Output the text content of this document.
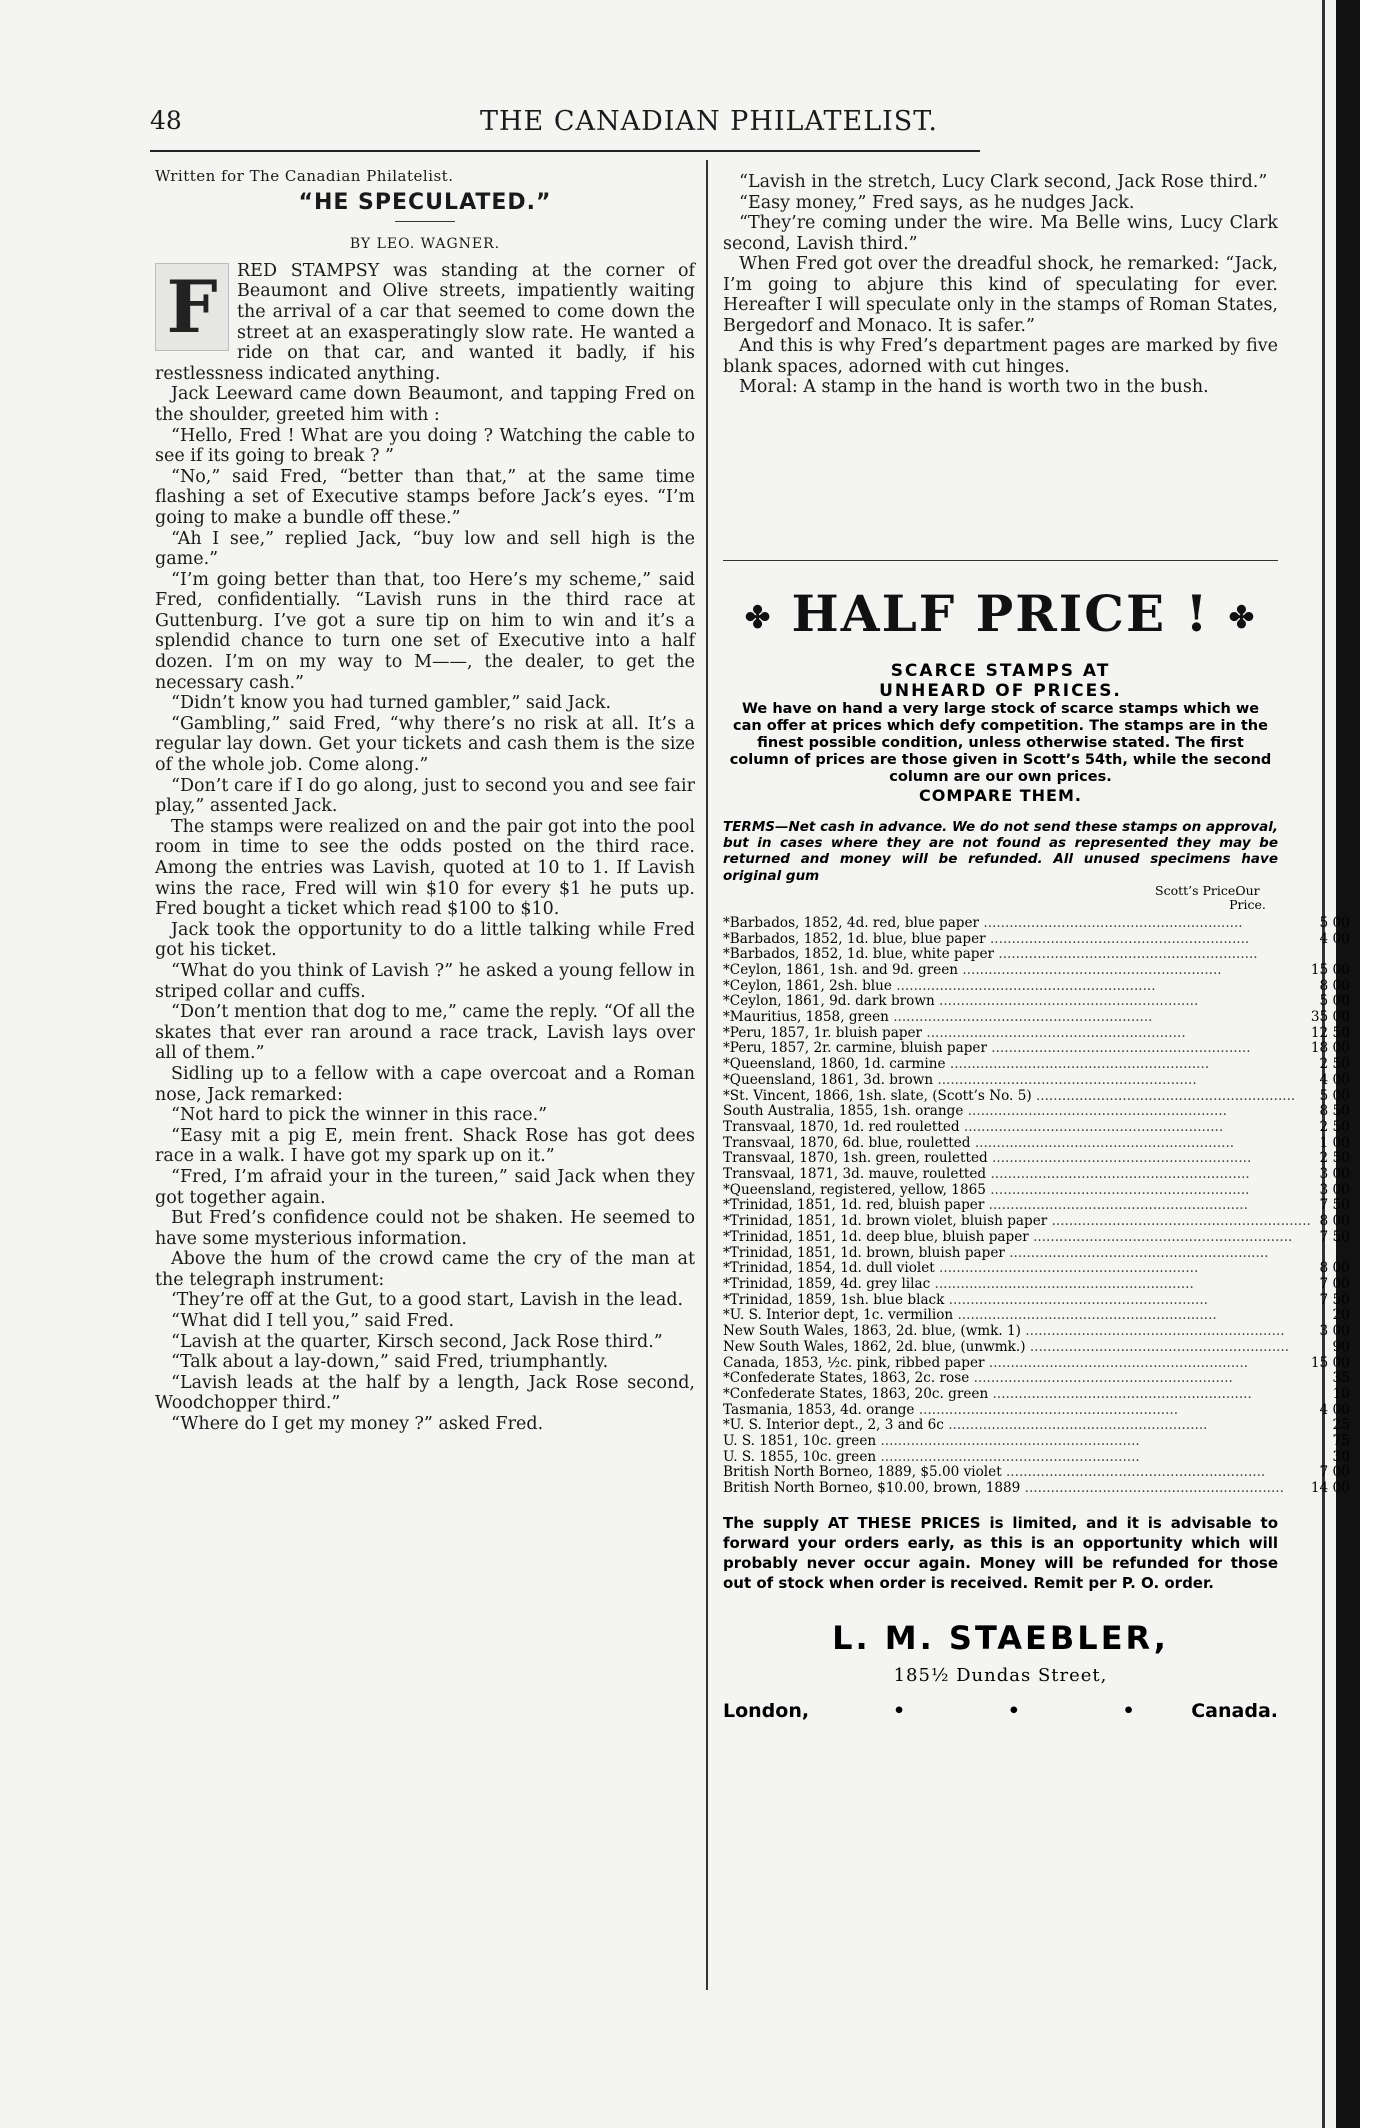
48	THE CANADIAN PHILATELIST.

Written for The Canadian Philatelist.

“HE SPECULATED.”
BY LEO. WAGNER.
F	RED STAMPSY was standing at the corner of Beaumont and Olive streets, impatiently waiting the arrival of a car that seemed to come down the street at an exasperatingly slow rate. He wanted a ride on that car, and wanted it badly, if his restlessness indicated anything.

Jack Leeward came down Beaumont, and tapping Fred on the shoulder, greeted him with :

“Hello, Fred ! What are you doing ? Watching the cable to see if its going to break ? ”

“No,” said Fred, “better than that,” at the same time flashing a set of Executive stamps before Jack’s eyes. “I’m going to make a bundle off these.”

“Ah I see,” replied Jack, “buy low and sell high is the game.”

“I’m going better than that, too Here’s my scheme,” said Fred, confidentially. “Lavish runs in the third race at Guttenburg. I’ve got a sure tip on him to win and it’s a splendid chance to turn one set of Executive into a half dozen. I’m on my way to M——, the dealer, to get the necessary cash.”

“Didn’t know you had turned gambler,” said Jack.

“Gambling,” said Fred, “why there’s no risk at all. It’s a regular lay down. Get your tickets and cash them is the size of the whole job. Come along.”

“Don’t care if I do go along, just to second you and see fair play,” assented Jack.

The stamps were realized on and the pair got into the pool room in time to see the odds posted on the third race. Among the entries was Lavish, quoted at 10 to 1. If Lavish wins the race, Fred will win $10 for every $1 he puts up. Fred bought a ticket which read $100 to $10.

Jack took the opportunity to do a little talking while Fred got his ticket.

“What do you think of Lavish ?” he asked a young fellow in striped collar and cuffs.

“Don’t mention that dog to me,” came the reply. “Of all the skates that ever ran around a race track, Lavish lays over all of them.”

Sidling up to a fellow with a cape overcoat and a Roman nose, Jack remarked:

“Not hard to pick the winner in this race.”

“Easy mit a pig E, mein frent. Shack Rose has got dees race in a walk. I have got my spark up on it.”

“Fred, I’m afraid your in the tureen,” said Jack when they got together again.

But Fred’s confidence could not be shaken. He seemed to have some mysterious information.

Above the hum of the crowd came the cry of the man at the telegraph instrument:

‘They’re off at the Gut, to a good start, Lavish in the lead.

“What did I tell you,” said Fred.

“Lavish at the quarter, Kirsch second, Jack Rose third.”

“Talk about a lay-down,” said Fred, triumphantly.

“Lavish leads at the half by a length, Jack Rose second, Woodchopper third.”

“Where do I get my money ?” asked Fred.

“Lavish in the stretch, Lucy Clark second, Jack Rose third.”

“Easy money,” Fred says, as he nudges Jack.

“They’re coming under the wire. Ma Belle wins, Lucy Clark second, Lavish third.”

When Fred got over the dreadful shock, he remarked: “Jack, I’m going to abjure this kind of speculating for ever. Hereafter I will speculate only in the stamps of Roman States, Bergedorf and Monaco. It is safer.”

And this is why Fred’s department pages are marked by five blank spaces, adorned with cut hinges.

Moral: A stamp in the hand is worth two in the bush.

✤ HALF PRICE ! ✤
SCARCE STAMPS AT
UNHEARD OF PRICES.
We have on hand a very large stock of scarce stamps which we can offer at prices which defy competition. The stamps are in the finest possible condition, unless otherwise stated. The first column of prices are those given in Scott’s 54th, while the second column are our own prices.
COMPARE THEM.
TERMS—Net cash in advance. We do not send these stamps on approval, but in cases where they are not found as represented they may be returned and money will be refunded. All unused specimens have original gum
Scott’s Price.
Our Price.
*Barbados, 1852, 4d. red, blue paper ............................................................	5 00	
*Barbados, 1852, 1d. blue, blue paper ............................................................	4 00	
*Barbados, 1852, 1d. blue, white paper ............................................................		
*Ceylon, 1861, 1sh. and 9d. green ............................................................	15 00	
*Ceylon, 1861, 2sh. blue ............................................................	8 00	
*Ceylon, 1861, 9d. dark brown ............................................................	5 00	
*Mauritius, 1858, green ............................................................	35 00	
*Peru, 1857, 1r. bluish paper ............................................................	12 50	
*Peru, 1857, 2r. carmine, bluish paper ............................................................	18 00	
*Queensland, 1860, 1d. carmine ............................................................	2 50	
*Queensland, 1861, 3d. brown ............................................................	4 00	
*St. Vincent, 1866, 1sh. slate, (Scott’s No. 5) ............................................................	5 00	
South Australia, 1855, 1sh. orange ............................................................	8 50	
Transvaal, 1870, 1d. red rouletted ............................................................	2 50	
Transvaal, 1870, 6d. blue, rouletted ............................................................	1 00	
Transvaal, 1870, 1sh. green, rouletted ............................................................	2 50	
Transvaal, 1871, 3d. mauve, rouletted ............................................................	3 00	
*Queensland, registered, yellow, 1865 ............................................................	3 00	
*Trinidad, 1851, 1d. red, bluish paper ............................................................	7 50	
*Trinidad, 1851, 1d. brown violet, bluish paper ............................................................	8 00	
*Trinidad, 1851, 1d. deep blue, bluish paper ............................................................	7 50	
*Trinidad, 1851, 1d. brown, bluish paper ............................................................		
*Trinidad, 1854, 1d. dull violet ............................................................	8 00	
*Trinidad, 1859, 4d. grey lilac ............................................................	7 00	
*Trinidad, 1859, 1sh. blue black ............................................................	7 50	
*U. S. Interior dept, 1c. vermilion ............................................................	20	
New South Wales, 1863, 2d. blue, (wmk. 1) ............................................................	3 00	
New South Wales, 1862, 2d. blue, (unwmk.) ............................................................	90	
Canada, 1853, ½c. pink, ribbed paper ............................................................	15 00	
*Confederate States, 1863, 2c. rose ............................................................	35	
*Confederate States, 1863, 20c. green ............................................................	10	
Tasmania, 1853, 4d. orange ............................................................	4 00	
*U. S. Interior dept., 2, 3 and 6c ............................................................	25	
U. S. 1851, 10c. green ............................................................	75	
U. S. 1855, 10c. green ............................................................	30	
British North Borneo, 1889, $5.00 violet ............................................................	7 00	
British North Borneo, $10.00, brown, 1889 ............................................................	14 00	
The supply AT THESE PRICES is limited, and it is advisable to forward your orders early, as this is an opportunity which will probably never occur again. Money will be refunded for those out of stock when order is received. Remit per P. O. order.
L. M. STAEBLER,
185½ Dundas Street,
London,	• • • Canada.
